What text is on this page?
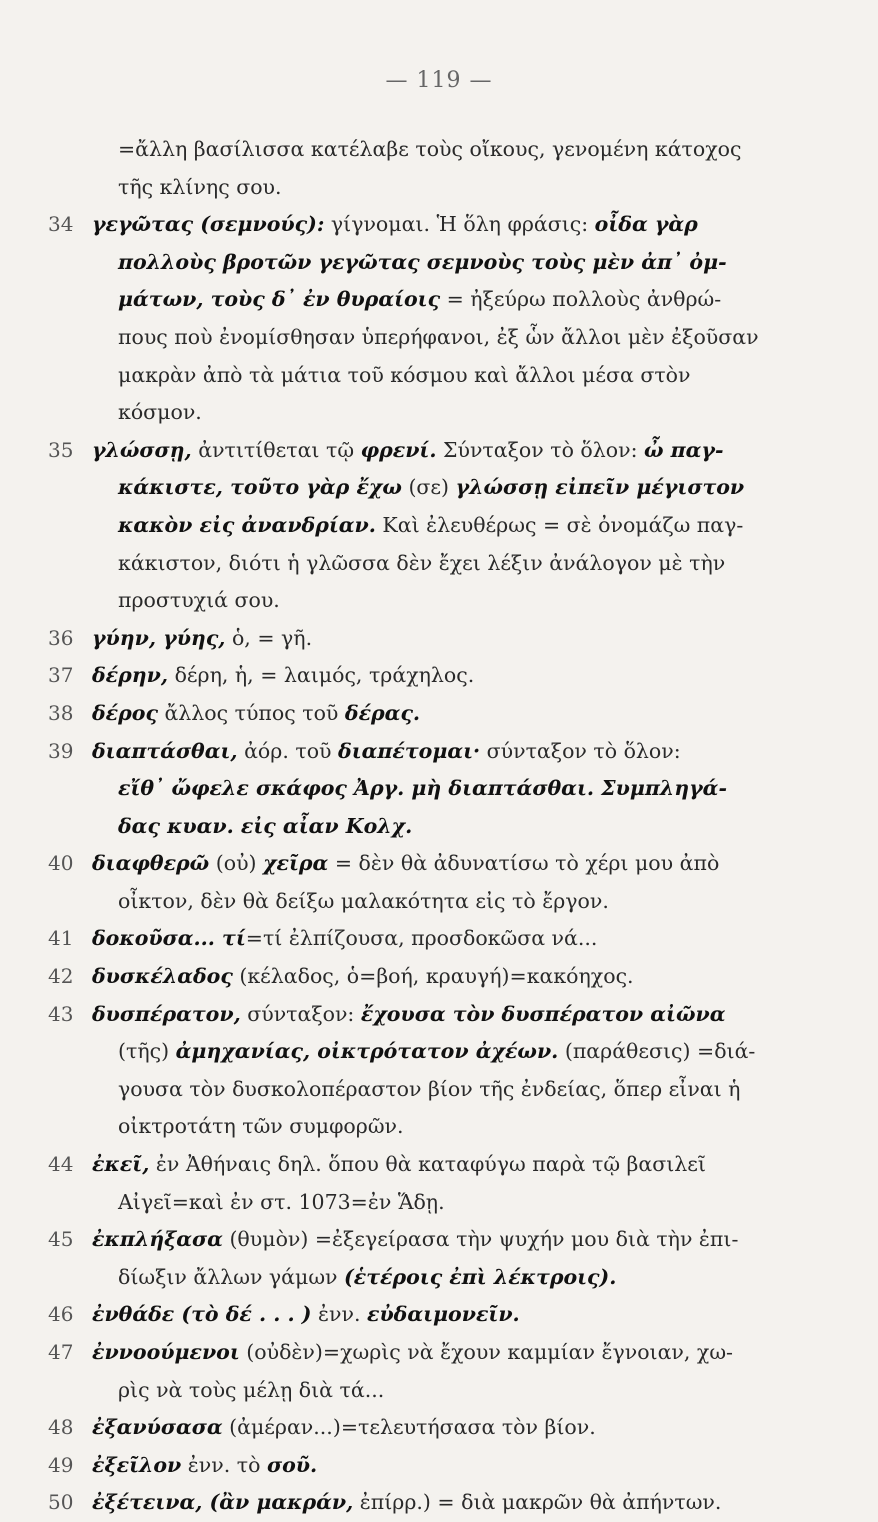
— 119 —
=ἄλλη βασίλισσα κατέλαβε τοὺς οἴκους, γενομένη κάτοχος
τῆς κλίνης σου.
34 γεγῶτας (σεμνούς): γίγνομαι. Ἡ ὅλη φράσις: οἶδα γὰρ
πολλοὺς βροτῶν γεγῶτας σεμνοὺς τοὺς μὲν ἀπ᾽ ὀμ-
μάτων, τοὺς δ᾽ ἐν θυραίοις = ἠξεύρω πολλοὺς ἀνθρώ-
πους ποὺ ἐνομίσθησαν ὑπερήφανοι, ἐξ ὧν ἄλλοι μὲν ἐξοῦσαν
μακρὰν ἀπὸ τὰ μάτια τοῦ κόσμου καὶ ἄλλοι μέσα στὸν
κόσμον.
35 γλώσσῃ, ἀντιτίθεται τῷ φρενί. Σύνταξον τὸ ὅλον: ὦ παγ-
κάκιστε, τοῦτο γὰρ ἔχω (σε) γλώσσῃ εἰπεῖν μέγιστον
κακὸν εἰς ἀνανδρίαν. Καὶ ἐλευθέρως = σὲ ὀνομάζω παγ-
κάκιστον, διότι ἡ γλῶσσα δὲν ἔχει λέξιν ἀνάλογον μὲ τὴν
προστυχιά σου.
36 γύην, γύης, ὁ, = γῆ.
37 δέρην, δέρη, ἡ, = λαιμός, τράχηλος.
38 δέρος ἄλλος τύπος τοῦ δέρας.
39 διαπτάσθαι, ἀόρ. τοῦ διαπέτομαι· σύνταξον τὸ ὅλον:
εἴθ᾽ ὤφελε σκάφος Ἀργ. μὴ διαπτάσθαι. Συμπληγά-
δας κυαν. εἰς αἶαν Κολχ.
40 διαφθερῶ (οὐ) χεῖρα = δὲν θὰ ἀδυνατίσω τὸ χέρι μου ἀπὸ
οἶκτον, δὲν θὰ δείξω μαλακότητα εἰς τὸ ἔργον.
41 δοκοῦσα... τί=τί ἐλπίζουσα, προσδοκῶσα νά...
42 δυσκέλαδος (κέλαδος, ὁ=βοή, κραυγή)=κακόηχος.
43 δυσπέρατον, σύνταξον: ἔχουσα τὸν δυσπέρατον αἰῶνα
(τῆς) ἀμηχανίας, οἰκτρότατον ἀχέων. (παράθεσις) =διά-
γουσα τὸν δυσκολοπέραστον βίον τῆς ἐνδείας, ὅπερ εἶναι ἡ
οἰκτροτάτη τῶν συμφορῶν.
44 ἐκεῖ, ἐν Ἀθήναις δηλ. ὅπου θὰ καταφύγω παρὰ τῷ βασιλεῖ
Αἰγεῖ=καὶ ἐν στ. 1073=ἐν Ἅδῃ.
45 ἐκπλήξασα (θυμὸν) =ἐξεγείρασα τὴν ψυχήν μου διὰ τὴν ἐπι-
δίωξιν ἄλλων γάμων (ἑτέροις ἐπὶ λέκτροις).
46 ἐνθάδε (τὸ δέ . . . ) ἐνν. εὐδαιμονεῖν.
47 ἐννοούμενοι (οὐδὲν)=χωρὶς νὰ ἔχουν καμμίαν ἔγνοιαν, χω-
ρὶς νὰ τοὺς μέλῃ διὰ τά...
48 ἐξανύσασα (ἀμέραν...)=τελευτήσασα τὸν βίον.
49 ἐξεῖλον ἐνν. τὸ σοῦ.
50 ἐξέτεινα, (ἂν μακράν, ἐπίρρ.) = διὰ μακρῶν θὰ ἀπήντων.
